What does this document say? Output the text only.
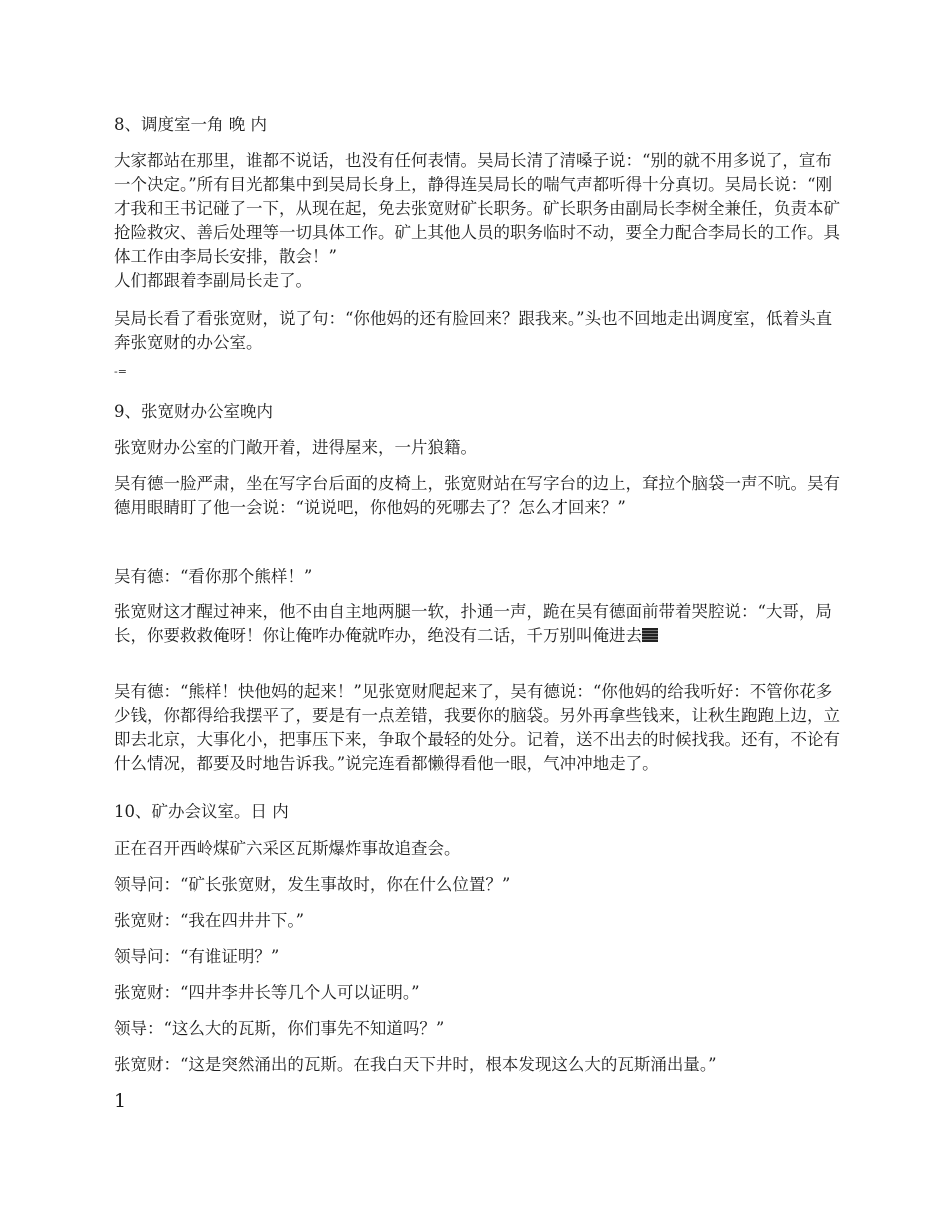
8、调度室一角 晚 内

大家都站在那里，谁都不说话，也没有任何表情。吴局长清了清嗓子说：“别的就不用多说了，宣布一个决定。”所有目光都集中到吴局长身上，静得连吴局长的喘气声都听得十分真切。吴局长说：“刚才我和王书记碰了一下，从现在起，免去张宽财矿长职务。矿长职务由副局长李树全兼任，负责本矿抢险救灾、善后处理等一切具体工作。矿上其他人员的职务临时不动，要全力配合李局长的工作。具体工作由李局长安排，散会！”

人们都跟着李副局长走了。

吴局长看了看张宽财，说了句：“你他妈的还有脸回来？跟我来。”头也不回地走出调度室，低着头直奔张宽财的办公室。

-=

9、张宽财办公室晚内

张宽财办公室的门敞开着，进得屋来，一片狼籍。

吴有德一脸严肃，坐在写字台后面的皮椅上，张宽财站在写字台的边上，耷拉个脑袋一声不吭。吴有德用眼睛盯了他一会说：“说说吧，你他妈的死哪去了？怎么才回来？”

吴有德：“看你那个熊样！”

张宽财这才醒过神来，他不由自主地两腿一软，扑通一声，跪在吴有德面前带着哭腔说：“大哥，局长，你要救救俺呀！你让俺咋办俺就咋办，绝没有二话，千万别叫俺进去

吴有德：“熊样！快他妈的起来！”见张宽财爬起来了，吴有德说：“你他妈的给我听好：不管你花多少钱，你都得给我摆平了，要是有一点差错，我要你的脑袋。另外再拿些钱来，让秋生跑跑上边，立即去北京，大事化小，把事压下来，争取个最轻的处分。记着，送不出去的时候找我。还有，不论有什么情况，都要及时地告诉我。”说完连看都懒得看他一眼，气冲冲地走了。

10、矿办会议室。日 内

正在召开西岭煤矿六采区瓦斯爆炸事故追查会。

领导问：“矿长张宽财，发生事故时，你在什么位置？”

张宽财：“我在四井井下。”

领导问：“有谁证明？”

张宽财：“四井李井长等几个人可以证明。”

领导：“这么大的瓦斯，你们事先不知道吗？”

张宽财：“这是突然涌出的瓦斯。在我白天下井时，根本发现这么大的瓦斯涌出量。”

1
